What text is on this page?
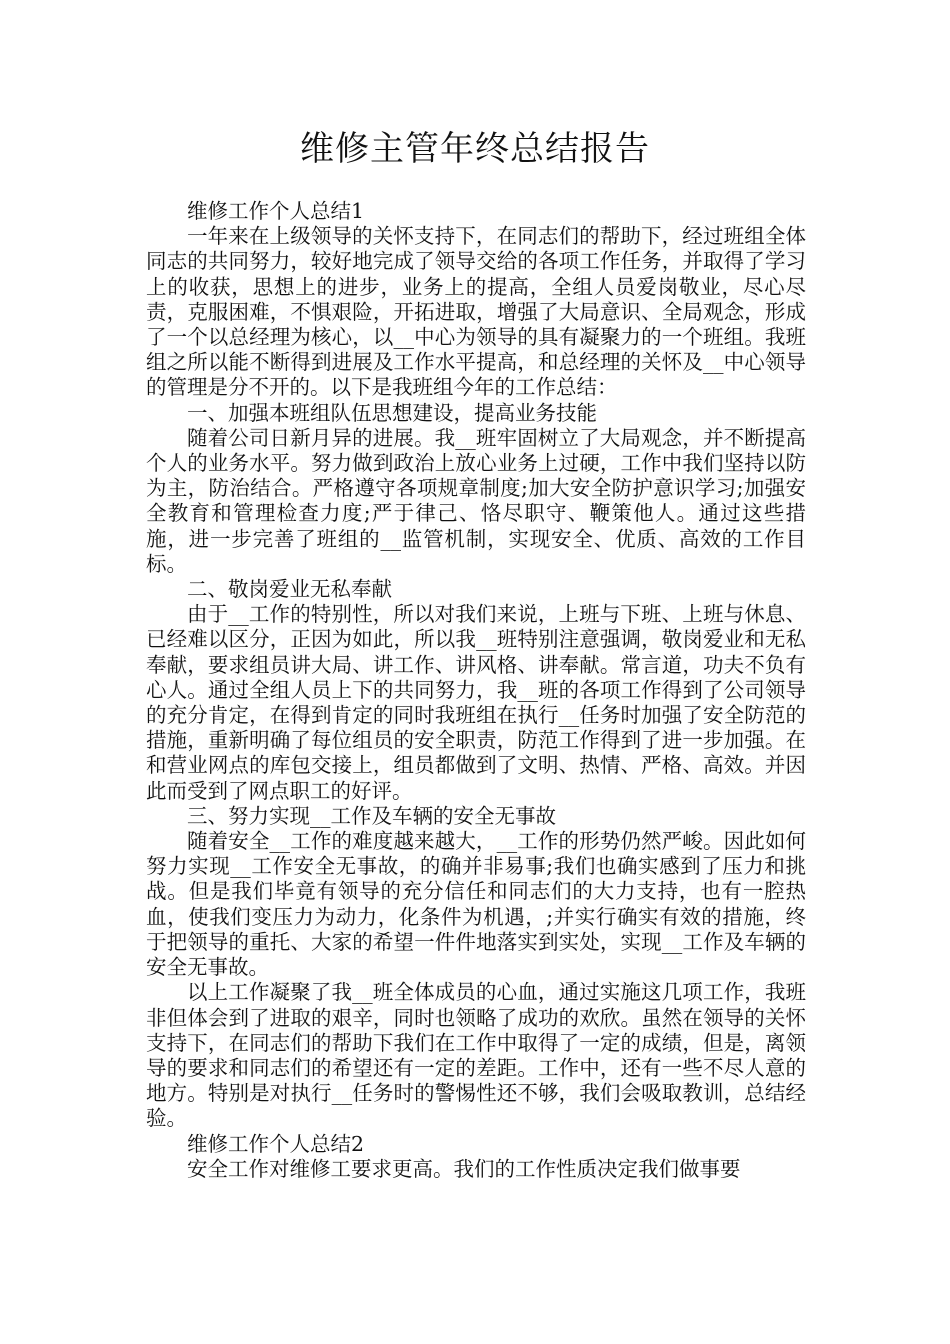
维修主管年终总结报告
维修工作个人总结1
一年来在上级领导的关怀支持下，在同志们的帮助下，经过班组全体同志的共同努力，较好地完成了领导交给的各项工作任务，并取得了学习上的收获，思想上的进步，业务上的提高，全组人员爱岗敬业，尽心尽责，克服困难，不惧艰险，开拓进取，增强了大局意识、全局观念，形成了一个以总经理为核心，以__中心为领导的具有凝聚力的一个班组。我班组之所以能不断得到进展及工作水平提高，和总经理的关怀及__中心领导的管理是分不开的。以下是我班组今年的工作总结：
一、加强本班组队伍思想建设，提高业务技能
随着公司日新月异的进展。我__班牢固树立了大局观念，并不断提高个人的业务水平。努力做到政治上放心业务上过硬，工作中我们坚持以防为主，防治结合。严格遵守各项规章制度;加大安全防护意识学习;加强安全教育和管理检查力度;严于律己、恪尽职守、鞭策他人。通过这些措施，进一步完善了班组的__监管机制，实现安全、优质、高效的工作目标。
二、敬岗爱业无私奉献
由于__工作的特别性，所以对我们来说，上班与下班、上班与休息、已经难以区分，正因为如此，所以我__班特别注意强调，敬岗爱业和无私奉献，要求组员讲大局、讲工作、讲风格、讲奉献。常言道，功夫不负有心人。通过全组人员上下的共同努力，我__班的各项工作得到了公司领导的充分肯定，在得到肯定的同时我班组在执行__任务时加强了安全防范的措施，重新明确了每位组员的安全职责，防范工作得到了进一步加强。在和营业网点的库包交接上，组员都做到了文明、热情、严格、高效。并因此而受到了网点职工的好评。
三、努力实现__工作及车辆的安全无事故
随着安全__工作的难度越来越大，__工作的形势仍然严峻。因此如何努力实现__工作安全无事故，的确并非易事;我们也确实感到了压力和挑战。但是我们毕竟有领导的充分信任和同志们的大力支持，也有一腔热血，使我们变压力为动力，化条件为机遇，;并实行确实有效的措施，终于把领导的重托、大家的希望一件件地落实到实处，实现__工作及车辆的安全无事故。
以上工作凝聚了我__班全体成员的心血，通过实施这几项工作，我班非但体会到了进取的艰辛，同时也领略了成功的欢欣。虽然在领导的关怀支持下，在同志们的帮助下我们在工作中取得了一定的成绩，但是，离领导的要求和同志们的希望还有一定的差距。工作中，还有一些不尽人意的地方。特别是对执行__任务时的警惕性还不够，我们会吸取教训，总结经验。
维修工作个人总结2
安全工作对维修工要求更高。我们的工作性质决定我们做事要
